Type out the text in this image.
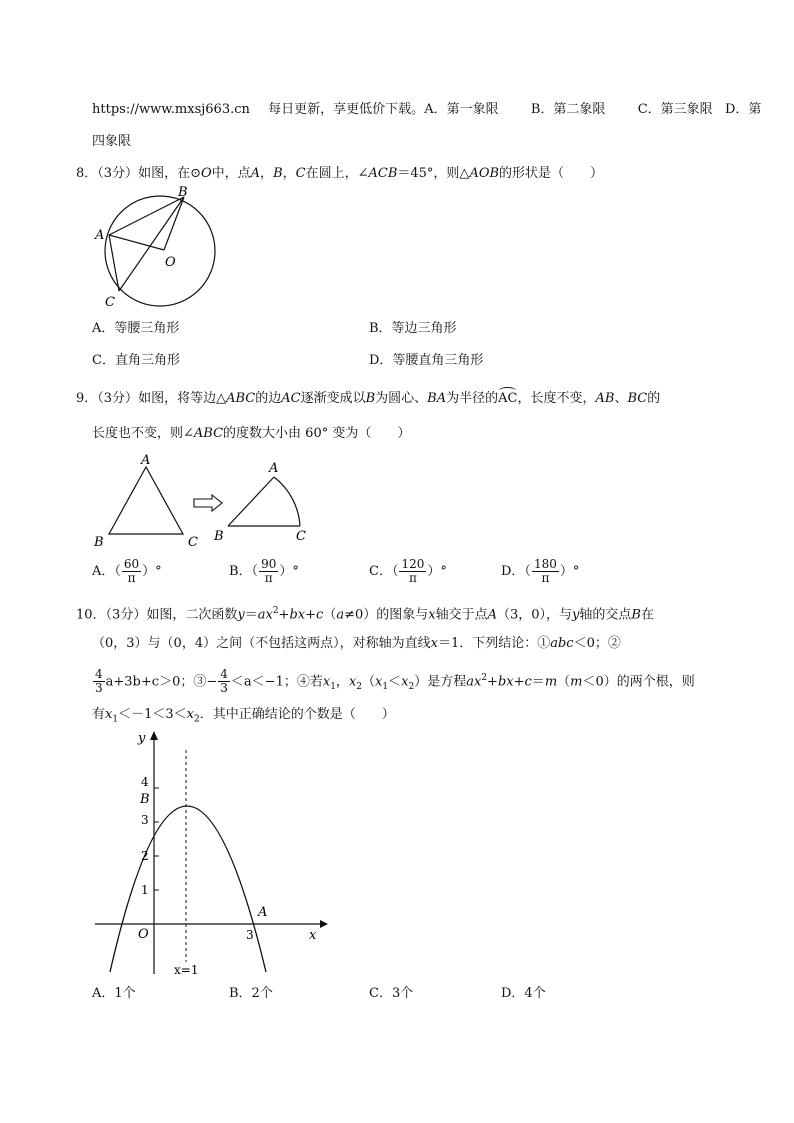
https://www.mxsj663.cn 每日更新，享更低价下载。A．第一象限 B．第二象限 C．第三象限 D．第
四象限
8．（3分）如图，在⊙O中，点A，B，C在圆上，∠ACB＝45°，则△AOB的形状是（　　）
A
B
C
O
A．等腰三角形	B．等边三角形
C．直角三角形	D．等腰直角三角形
9．（3分）如图，将等边△ABC的边AC逐渐变成以B为圆心、BA为半径的AC，长度不变，AB、BC的
长度也不变，则∠ABC的度数大小由 60° 变为（　　）
A
B	C
A
B	C
A．（ $\frac{60}{\pi}$ ）°	B．（ $\frac{90}{\pi}$ ）°	C．（ $\frac{120}{\pi}$ ）°	D．（ $\frac{180}{\pi}$ ）°
10．（3分）如图，二次函数$y=ax^2+bx+c(a\ne 0)$的图象与x轴交于点A（3，0），与y轴的交点B在
（0，3）与（0，4）之间（不包括这两点），对称轴为直线x＝1．下列结论：①abc＜0；②
$\frac{4}{3} a+3b+c>0$；③− $\frac{4}{3} <a<-1$；④若$x_1$，$x_2(x_1<x_2)$是方程$ax^2+bx+c=m(m<0)$的两个根，则
有$x_1<-1<3<x_2$．其中正确结论的个数是（　　）
y
x
O
4
B
3
2
1
3
A
x=1
A．1个	B．2个	C．3个	D．4个
